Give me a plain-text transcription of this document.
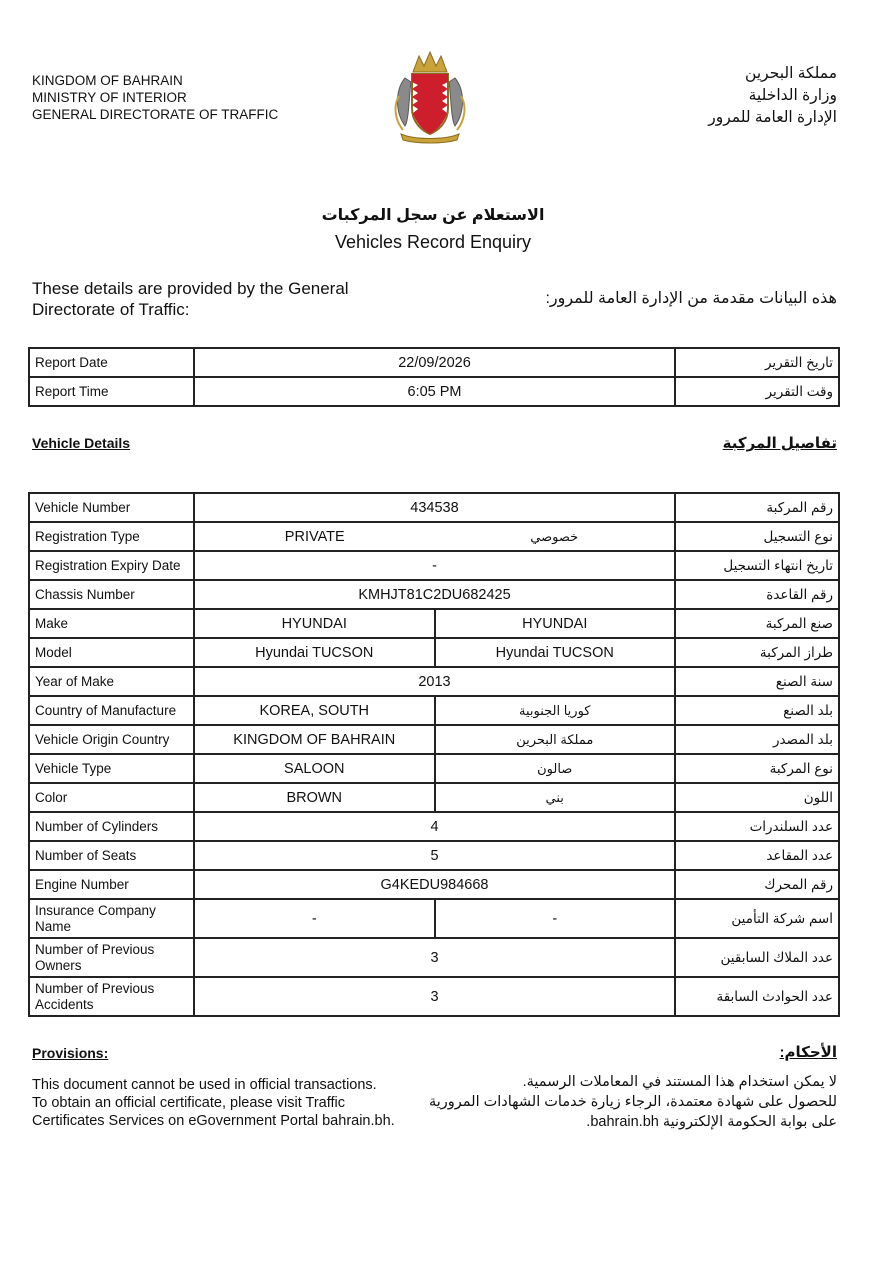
KINGDOM OF BAHRAIN
MINISTRY OF INTERIOR
GENERAL DIRECTORATE OF TRAFFIC
مملكة البحرين
وزارة الداخلية
الإدارة العامة للمرور
الاستعلام عن سجل المركبات
Vehicles Record Enquiry
These details are provided by the General Directorate of Traffic:
هذه البيانات مقدمة من الإدارة العامة للمرور:
Report Date	22/09/2026	تاريخ التقرير
Report Time	6:05 PM	وقت التقرير
Vehicle Details	تفاصيل المركبة
Vehicle Number	434538		رقم المركبة
Registration Type	PRIVATE	خصوصي	نوع التسجيل
Registration Expiry Date	-		تاريخ انتهاء التسجيل
Chassis Number	KMHJT81C2DU682425		رقم القاعدة
Make	HYUNDAI	HYUNDAI	صنع المركبة
Model	Hyundai TUCSON	Hyundai TUCSON	طراز المركبة
Year of Make	2013		سنة الصنع
Country of Manufacture	KOREA, SOUTH	كوريا الجنوبية	بلد الصنع
Vehicle Origin Country	KINGDOM OF BAHRAIN	مملكة البحرين	بلد المصدر
Vehicle Type	SALOON	صالون	نوع المركبة
Color	BROWN	بني	اللون
Number of Cylinders	4		عدد السلندرات
Number of Seats	5		عدد المقاعد
Engine Number	G4KEDU984668		رقم المحرك
Insurance Company Name	-	-	اسم شركة التأمين
Number of Previous Owners	3		عدد الملاك السابقين
Number of Previous Accidents	3		عدد الحوادث السابقة
Provisions:	الأحكام:
This document cannot be used in official transactions.
To obtain an official certificate, please visit Traffic
Certificates Services on eGovernment Portal bahrain.bh.
لا يمكن استخدام هذا المستند في المعاملات الرسمية.
للحصول على شهادة معتمدة، الرجاء زيارة خدمات الشهادات المرورية
على بوابة الحكومة الإلكترونية bahrain.bh.
